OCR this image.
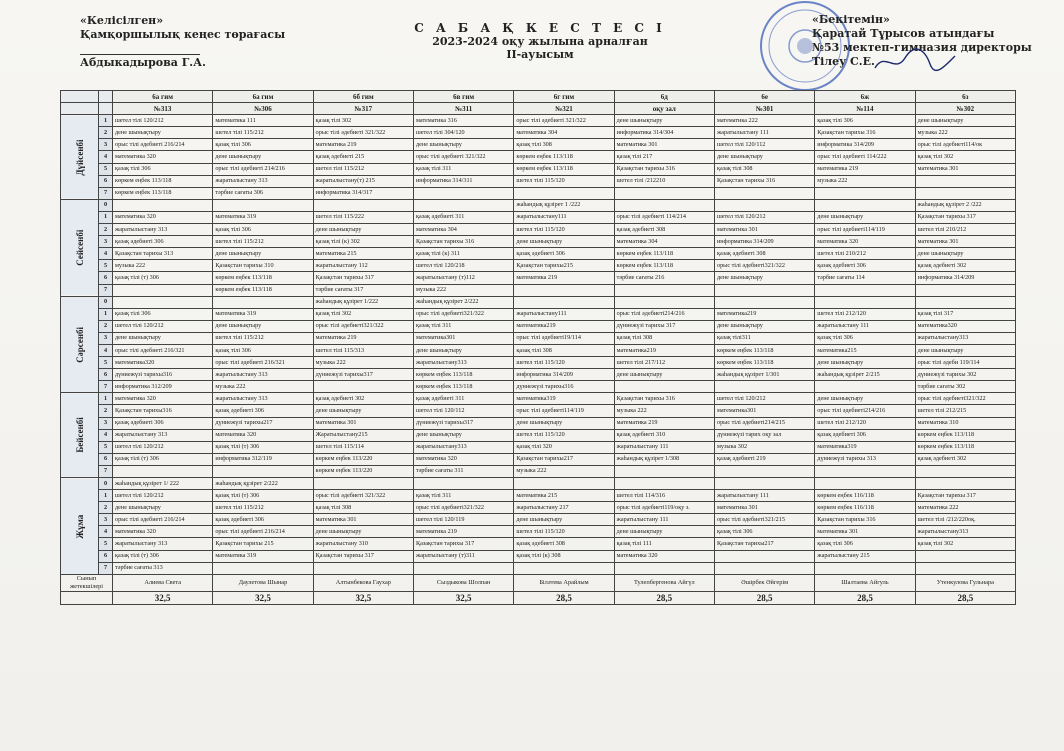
«Келісілген»
Қамқоршылық кеңес төрағасы
Абдыкадырова Г.А.
С А Б А Қ К Е С Т Е С І
2023-2024 оқу жылына арналған
II-ауысым
«Бекітемін»
Қаратай Тұрысов атындағы
№53 мектеп-гимназия директоры
Тілеу С.Е.
		6а гим	6а гим	6б гим	6в гим	6г гим	6д	6е	6ж	6з
		№313	№306	№317	№311	№321	оқу зал	№301	№114	№302
Дүйсенбі	1	шетел тілі 120/212	математика 111	қазақ тілі 302	математика 316	орыс тілі әдебиеті 321/322	дене шынықтыру	математика 222	қазақ тілі 306	дене шынықтыру
	2	дене шынықтыру	шетел тілі 115/212	орыс тілі әдебиеті 321/322	шетел тілі 304/120	математика 304	информатика 314/304	жаратылыстану 111	Қазақстан тарихы 316	музыка 222
	3	орыс тілі әдебиеті 216/214	қазақ тілі 306	математика 219	дене шынықтыру	қазақ тілі 308	математика 301	шетел тілі 120/112	информатика 314/209	орыс тілі әдебиеті114/ок
	4	математика 320	дене шынықтыру	қазақ әдебиеті 215	орыс тілі әдебиеті 321/322	көркем еңбек 113/118	қазақ тілі 217	дене шынықтыру	орыс тілі әдебиеті 114/222	қазақ тілі 302
	5	қазақ тілі 306	орыс тілі әдебиеті 214/216	шетел тілі 115/212	қазақ тілі 311	көркем еңбек 113/118	Қазақстан тарихы 316	қазақ тілі 308	математика 219	математика 301
	6	көркем еңбек 113/118	жаратылыстану 313	жаратылыстану(т) 215	информатика 314/311	шетел тілі 115/120	шетел тілі /212210	Қазақстан тарихы 316	музыка 222	
	7	көркем еңбек 113/118	тәрбие сағаты 306	информатика 314/317						
Сейсенбі	0					жаһандық құзірет 1 /222				жаһандық құзірет 2 /222
	1	математика 320	математика 319	шетел тілі 115/222	қазақ әдебиеті 311	жаратылыстану111	орыс тілі әдебиеті 114/214	шетел тілі 120/212	дене шынықтыру	Қазақстан тарихы 317
	2	жаратылыстану 313	қазақ тілі 306	дене шынықтыру	математика 304	шетел тілі 115/120	қазақ әдебиеті 308	математика 301	орыс тілі әдебиеті114/119	шетел тілі 210/212
	3	қазақ әдебиеті 306	шетел тілі 115/212	қазақ тілі (к) 302	Қазақстан тарихы 316	дене шынықтыру	математика 304	информатика 314/209	математика 320	математика 301
	4	Қазақстан тарихы 313	дене шынықтыру	математика 215	қазақ тілі (к) 311	қазақ әдебиеті 306	көркем еңбек 113/118	қазақ әдебиеті 308	шетел тілі 210/212	дене шынықтыру
	5	музыка 222	Қазақстан тарихы 310	жаратылыстану 112	шетел тілі 120/218	Қазақстан тарихы215	көркем еңбек 113/118	орыс тілі әдебиеті321/322	қазақ әдебиеті 306	қазақ әдебиеті 302
	6	қазақ тілі (т) 306	көркем еңбек 113/118	Қазақстан тарихы 317	жаратылыстану (т)112	математика 219	тәрбие сағаты 216	дене шынықтыру	тәрбие сағаты 114	информатика 314/209
	7		көркем еңбек 113/118	тәрбие сағаты 317	музыка 222					
Сәрсенбі	0			жаһандық құзірет 1/222	жаһандық құзірет 2/222					
	1	қазақ тілі 306	математика 319	қазақ тілі 302	орыс тілі әдебиеті321/322	жаратылыстану111	орыс тілі әдебиеті214/216	математика219	шетел тілі 212/120	қазақ тілі 317
	2	шетел тілі 120/212	дене шынықтыру	орыс тілі әдебиеті321/322	қазақ тілі 311	математика219	дүниежүзі тарихы 317	дене шынықтыру	жаратылыстану 111	математика320
	3	дене шынықтыру	шетел тілі 115/212	математика 219	математика301	орыс тілі әдебиеті19/114	қазақ тілі 308	қазақ тілі311	қазақ тілі 306	жаратылыстану313
	4	орыс тілі әдебиеті 216/321	қазақ тілі 306	шетел тілі 115/313	дене шынықтыру	қазақ тілі 308	математика219	көркем еңбек 113/118	математика215	дене шынықтыру
	5	математика320	орыс тілі әдебиеті 216/321	музыка 222	жаратылыстану313	шетел тілі 115/120	шетел тілі 217/112	көркем еңбек 113/118	дене шынықтыру	орыс тілі әдеби 119/114
	6	дүниежүзі тарихы316	жаратылыстану 313	дүниежүзі тарихы317	көркем еңбек 113/118	информатика 314/209	дене шынықтыру	жаһандық құзірет 1/301	жаһандық құзірет 2/215	дүниежүзі тарихы 302
	7	информатика 312/209	музыка 222		көркем еңбек 113/118	дүниежүзі тарихы316				тәрбие сағаты 302
Бейсенбі	1	математика 320	жаратылыстану 313	қазақ әдебиеті 302	қазақ әдебиеті 311	математика319	Қазақстан тарихы 316	шетел тілі 120/212	дене шынықтыру	орыс тілі әдебиеті321/322
	2	Қазақстан тарихы316	қазақ әдебиеті 306	дене шынықтыру	шетел тілі 120/112	орыс тілі әдебиеті114/119	музыка 222	математика301	орыс тілі әдебиеті214/216	шетел тілі 212/215
	3	қазақ әдебиеті 306	дүниежүзі тарихы217	математика 301	дүниежүзі тарихы317	дене шынықтыру	математика 219	орыс тілі әдебиеті214/215	шетел тілі 212/120	математика 310
	4	жаратылыстану 313	математика 320	Жаратылыстану215	дене шынықтыру	шетел тілі 115/120	қазақ әдебиеті 310	дүниежүзі тарих оқу зал	қазақ әдебиеті 306	көркем еңбек 113/118
	5	шетел тілі 120/212	қазақ тілі (т) 306	шетел тілі 115/114	жаратылыстану313	қазақ тілі 320	жаратылыстану 111	музыка 302	математика319	көркем еңбек 113/118
	6	қазақ тілі (т) 306	информатика 312/119	көркем еңбек 113/220	математика 320	Қазақстан тарихы217	жаһандық құзірет 1/308	қазақ әдебиеті 219	дүниежүзі тарихы 313	қазақ әдебиеті 302
	7			көркем еңбек 113/220	тәрбие сағаты 311	музыка 222				
Жұма	0	жаһандық құзірет 1/ 222	жаһандық құзірет 2/222							
	1	шетел тілі 120/212	қазақ тілі (т) 306	орыс тілі әдебиеті 321/322	қазақ тілі 311	математика 215	шетел тілі 114/316	жаратылыстану 111	көркем еңбек 116/118	Қазақстан тарихы 317
	2	дене шынықтыру	шетел тілі 115/212	қазақ тілі 308	орыс тілі әдебиеті321/322	жаратылыстану 217	орыс тілі әдебиеті119/оқу з.	математика 301	көркем еңбек 116/118	математика 222
	3	орыс тілі әдебиеті 216/214	қазақ әдебиеті 306	математика 301	шетел тілі 120/119	дене шынықтыру	жаратылыстану 111	орыс тілі әдебиеті321/215	Қазақстан тарихы 316	шетел тілі /212/220оқ.
	4	математика 320	орыс тілі әдебиеті 216/214	дене шынықтыру	математика 219	шетел тілі 115/120	дене шынықтыру	қазақ тілі 306	математика 301	жаратылыстану313
	5	жаратылыстану 313	Қазақстан тарихы 215	жаратылыстану 310	Қазақстан тарихы 317	қазақ әдебиеті 308	қазақ тілі 111	Қазақстан тарихы217	қазақ тілі 306	қазақ тілі 302
	6	қазақ тілі (т) 306	математика 319	Қазақстан тарихы 317	жаратылыстану (т)311	қазақ тілі (к) 308	математика 320		жаратылыстану 215	
	7	тәрбие сағаты 313								
Сынып жетекшілері		Алиева Света	Даулетова Шынар	Алтынбекова Гаухар	Сыздыкова Шолпан	Біләтева Арайлым	Тулепбергенова Айгүл	Әшірбек Әйгерім	Шалтаева Айгуль	Утенкулова Гульнара
		32,5	32,5	32,5	32,5	28,5	28,5	28,5	28,5	28,5
